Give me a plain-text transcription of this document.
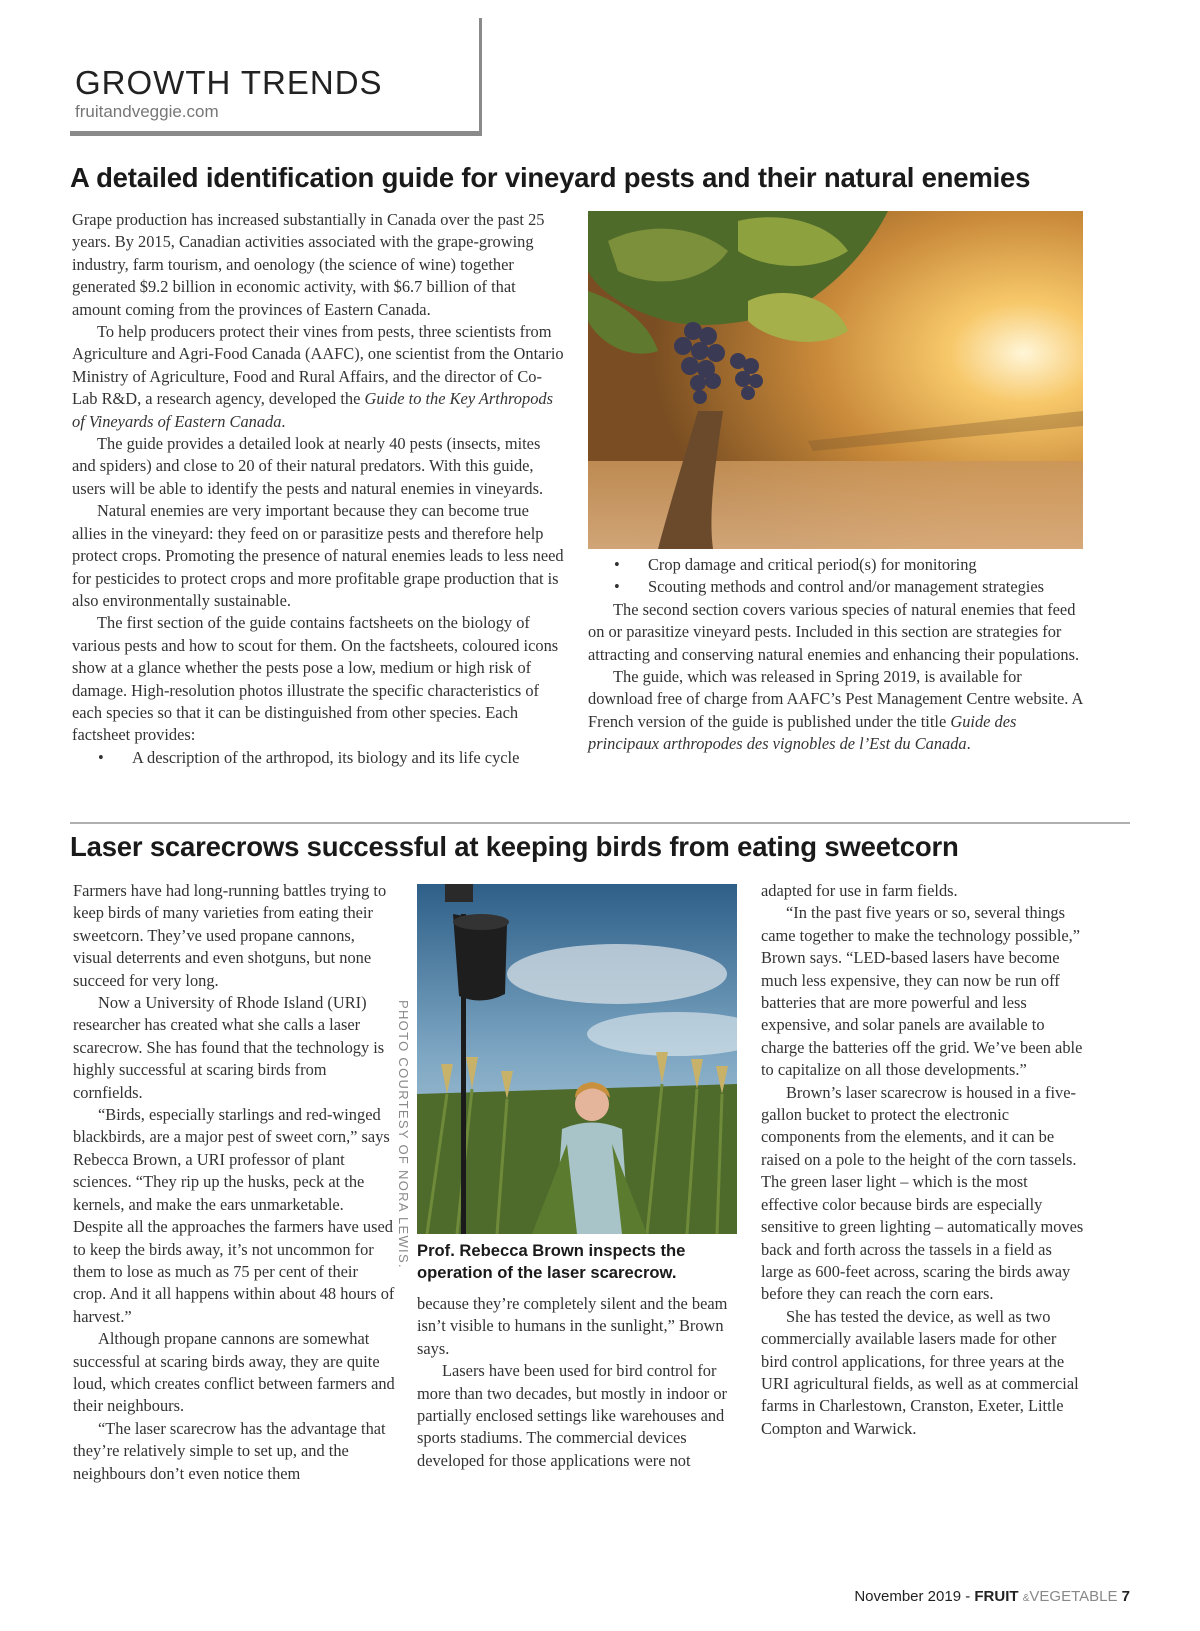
GROWTH TRENDS
fruitandveggie.com
A detailed identification guide for vineyard pests and their natural enemies

Grape production has increased substantially in Canada over the past 25 years. By 2015, Canadian activities associated with the grape-growing industry, farm tourism, and oenology (the science of wine) together generated $9.2 billion in economic activity, with $6.7 billion of that amount coming from the provinces of Eastern Canada.

To help producers protect their vines from pests, three scientists from Agriculture and Agri-Food Canada (AAFC), one scientist from the Ontario Ministry of Agriculture, Food and Rural Affairs, and the director of Co-Lab R&D, a research agency, developed the Guide to the Key Arthropods of Vineyards of Eastern Canada.

The guide provides a detailed look at nearly 40 pests (insects, mites and spiders) and close to 20 of their natural predators. With this guide, users will be able to identify the pests and natural enemies in vineyards.

Natural enemies are very important because they can become true allies in the vineyard: they feed on or parasitize pests and therefore help protect crops. Promoting the presence of natural enemies leads to less need for pesticides to protect crops and more profitable grape production that is also environmentally sustainable.

The first section of the guide contains factsheets on the biology of various pests and how to scout for them. On the factsheets, coloured icons show at a glance whether the pests pose a low, medium or high risk of damage. High-resolution photos illustrate the specific characteristics of each species so that it can be distinguished from other species. Each factsheet provides:

• A description of the arthropod, its biology and its life cycle
• Crop damage and critical period(s) for monitoring
• Scouting methods and control and/or management strategies

The second section covers various species of natural enemies that feed on or parasitize vineyard pests. Included in this section are strategies for attracting and conserving natural enemies and enhancing their populations.

The guide, which was released in Spring 2019, is available for download free of charge from AAFC’s Pest Management Centre website. A French version of the guide is published under the title Guide des principaux arthropodes des vignobles de l’Est du Canada.

Laser scarecrows successful at keeping birds from eating sweetcorn

Farmers have had long-running battles trying to keep birds of many varieties from eating their sweetcorn. They’ve used propane cannons, visual deterrents and even shotguns, but none succeed for very long.

Now a University of Rhode Island (URI) researcher has created what she calls a laser scarecrow. She has found that the technology is highly successful at scaring birds from cornfields.

“Birds, especially starlings and red-winged blackbirds, are a major pest of sweet corn,” says Rebecca Brown, a URI professor of plant sciences. “They rip up the husks, peck at the kernels, and make the ears unmarketable. Despite all the approaches the farmers have used to keep the birds away, it’s not uncommon for them to lose as much as 75 per cent of their crop. And it all happens within about 48 hours of harvest.”

Although propane cannons are somewhat successful at scaring birds away, they are quite loud, which creates conflict between farmers and their neighbours.

“The laser scarecrow has the advantage that they’re relatively simple to set up, and the neighbours don’t even notice them

PHOTO COURTESY OF NORA LEWIS. Prof. Rebecca Brown inspects the operation of the laser scarecrow.

because they’re completely silent and the beam isn’t visible to humans in the sunlight,” Brown says.

Lasers have been used for bird control for more than two decades, but mostly in indoor or partially enclosed settings like warehouses and sports stadiums. The commercial devices developed for those applications were not

adapted for use in farm fields.

“In the past five years or so, several things came together to make the technology possible,” Brown says. “LED-based lasers have become much less expensive, they can now be run off batteries that are more powerful and less expensive, and solar panels are available to charge the batteries off the grid. We’ve been able to capitalize on all those developments.”

Brown’s laser scarecrow is housed in a five-gallon bucket to protect the electronic components from the elements, and it can be raised on a pole to the height of the corn tassels. The green laser light – which is the most effective color because birds are especially sensitive to green lighting – automatically moves back and forth across the tassels in a field as large as 600-feet across, scaring the birds away before they can reach the corn ears.

She has tested the device, as well as two commercially available lasers made for other bird control applications, for three years at the URI agricultural fields, as well as at commercial farms in Charlestown, Cranston, Exeter, Little Compton and Warwick.

November 2019 - FRUIT &VEGETABLE 7
